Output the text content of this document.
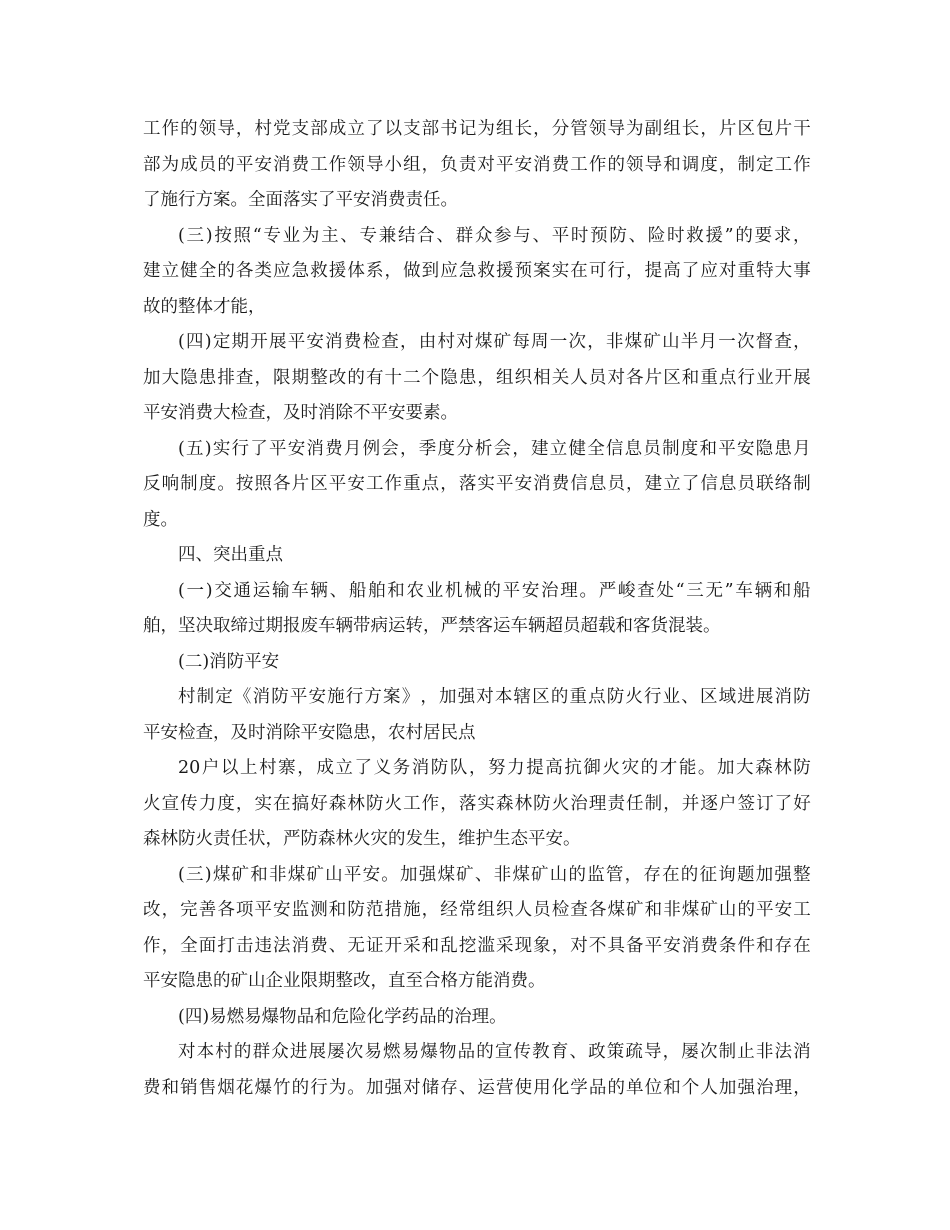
工 作 的 领 导 ， 村 党 支 部 成 立 了 以 支 部 书 记 为 组 长 ， 分 管 领 导 为 副 组 长 ， 片 区 包 片 干
部 为 成 员 的 平 安 消 费 工 作 领 导 小 组 ， 负 责 对 平 安 消 费 工 作 的 领 导 和 调 度 ， 制 定 工 作
了施行方案。全面落实了平安消费责任。
( 三 ) 按 照 “ 专 业 为 主 、 专 兼 结 合 、 群 众 参 与 、 平 时 预 防 、 险 时 救 援 ” 的 要 求 ，
建 立 健 全 的 各 类 应 急 救 援 体 系 ， 做 到 应 急 救 援 预 案 实 在 可 行 ， 提 高 了 应 对 重 特 大 事
故的整体才能，
( 四 ) 定 期 开 展 平 安 消 费 检 查 ， 由 村 对 煤 矿 每 周 一 次 ， 非 煤 矿 山 半 月 一 次 督 查 ，
加 大 隐 患 排 查 ， 限 期 整 改 的 有 十 二 个 隐 患 ， 组 织 相 关 人 员 对 各 片 区 和 重 点 行 业 开 展
平安消费大检查，及时消除不平安要素。
( 五 ) 实 行 了 平 安 消 费 月 例 会 ， 季 度 分 析 会 ， 建 立 健 全 信 息 员 制 度 和 平 安 隐 患 月
反 响 制 度 。 按 照 各 片 区 平 安 工 作 重 点 ， 落 实 平 安 消 费 信 息 员 ， 建 立 了 信 息 员 联 络 制
度。
四、突出重点
( 一 ) 交 通 运 输 车 辆 、 船 舶 和 农 业 机 械 的 平 安 治 理 。 严 峻 查 处 “ 三 无 ” 车 辆 和 船
舶，坚决取缔过期报废车辆带病运转，严禁客运车辆超员超载和客货混装。
(二)消防平安
村 制 定 《 消 防 平 安 施 行 方 案 》 ， 加 强 对 本 辖 区 的 重 点 防 火 行 业 、 区 域 进 展 消 防
平安检查，及时消除平安隐患，农村居民点
20 户 以 上 村 寨 ， 成 立 了 义 务 消 防 队 ， 努 力 提 高 抗 御 火 灾 的 才 能 。 加 大 森 林 防
火 宣 传 力 度 ， 实 在 搞 好 森 林 防 火 工 作 ， 落 实 森 林 防 火 治 理 责 任 制 ， 并 逐 户 签 订 了 好
森林防火责任状，严防森林火灾的发生，维护生态平安。
( 三 ) 煤 矿 和 非 煤 矿 山 平 安 。 加 强 煤 矿 、 非 煤 矿 山 的 监 管 ， 存 在 的 征 询 题 加 强 整
改 ， 完 善 各 项 平 安 监 测 和 防 范 措 施 ， 经 常 组 织 人 员 检 查 各 煤 矿 和 非 煤 矿 山 的 平 安 工
作 ， 全 面 打 击 违 法 消 费 、 无 证 开 采 和 乱 挖 滥 采 现 象 ， 对 不 具 备 平 安 消 费 条 件 和 存 在
平安隐患的矿山企业限期整改，直至合格方能消费。
(四)易燃易爆物品和危险化学药品的治理。
对 本 村 的 群 众 进 展 屡 次 易 燃 易 爆 物 品 的 宣 传 教 育 、 政 策 疏 导 ， 屡 次 制 止 非 法 消
费 和 销 售 烟 花 爆 竹 的 行 为 。 加 强 对 储 存 、 运 营 使 用 化 学 品 的 单 位 和 个 人 加 强 治 理 ，
